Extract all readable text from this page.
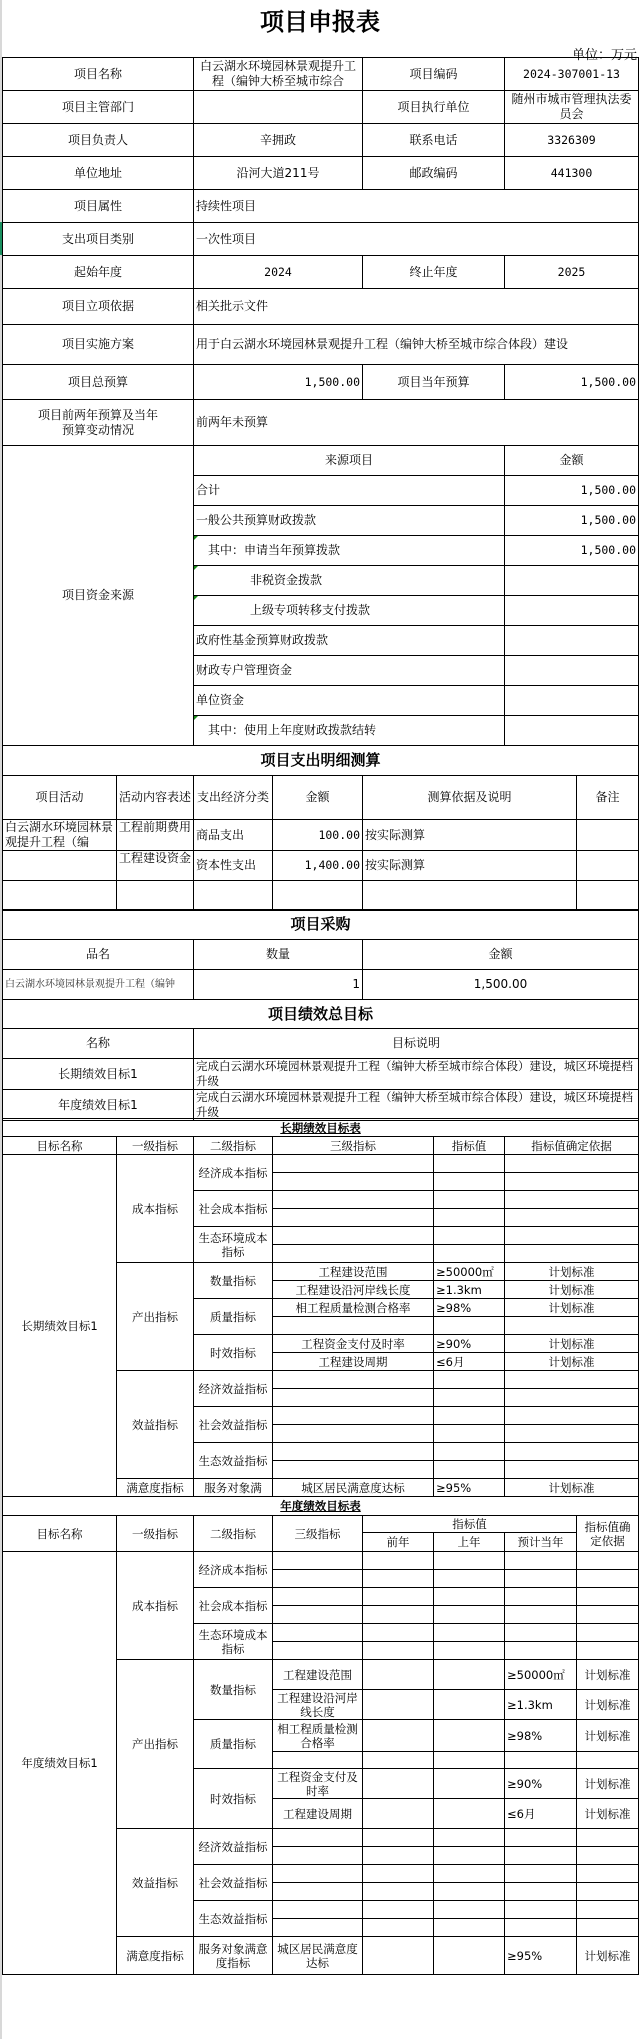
项目申报表
单位：万元
项目名称	白云湖水环境园林景观提升工程（编钟大桥至城市综合	项目编码	2024-307001-13
项目主管部门		项目执行单位	随州市城市管理执法委员会
项目负责人	辛拥政	联系电话	3326309
单位地址	沿河大道211号	邮政编码	441300
项目属性	持续性项目		
支出项目类别	一次性项目		
起始年度	2024	终止年度	2025
项目立项依据	相关批示文件		
项目实施方案	用于白云湖水环境园林景观提升工程（编钟大桥至城市综合体段）建设		
项目总预算	1,500.00	项目当年预算	1,500.00
项目前两年预算及当年预算变动情况	前两年未预算		
项目资金来源	来源项目	金额
	合计	1,500.00
	一般公共预算财政拨款	1,500.00
	其中：申请当年预算拨款	1,500.00
	非税资金拨款	
	上级专项转移支付拨款	
	政府性基金预算财政拨款	
	财政专户管理资金	
	单位资金	
	其中：使用上年度财政拨款结转	
项目支出明细测算					
项目活动	活动内容表述	支出经济分类	金额	测算依据及说明	备注

白云湖水环境园林景观提升工程（编	工程前期费用	商品支出	100.00	按实际测算	

	工程建设资金	资本性支出	1,400.00	按实际测算	

项目采购		
品名	数量	金额
白云湖水环境园林景观提升工程（编钟	1	1,500.00
项目绩效总目标	
名称	目标说明
长期绩效目标1	完成白云湖水环境园林景观提升工程（编钟大桥至城市综合体段）建设，城区环境提档升级

年度绩效目标1	完成白云湖水环境园林景观提升工程（编钟大桥至城市综合体段）建设，城区环境提档升级
长期绩效目标表					
目标名称	一级指标	二级指标	三级指标	指标值	指标值确定依据
长期绩效目标1	成本指标	经济成本指标			

		社会成本指标			

		生态环境成本指标			

	产出指标	数量指标	工程建设范围	≥50000㎡	计划标准
			工程建设沿河岸线长度	≥1.3km	计划标准
		质量指标	相工程质量检测合格率	≥98%	计划标准

		时效指标	工程资金支付及时率	≥90%	计划标准
			工程建设周期	≤6月	计划标准
	效益指标	经济效益指标			

		社会效益指标			

		生态效益指标			

	满意度指标	服务对象满	城区居民满意度达标	≥95%	计划标准
年度绩效目标表							
目标名称	一级指标	二级指标	三级指标	指标值			指标值确定依据
				前年	上年	预计当年	
年度绩效目标1	成本指标	经济成本指标					

		社会成本指标					

		生态环境成本指标					

	产出指标	数量指标	工程建设范围			≥50000㎡	计划标准
			工程建设沿河岸线长度			≥1.3km	计划标准
		质量指标	相工程质量检测合格率			≥98%	计划标准

		时效指标	工程资金支付及时率			≥90%	计划标准
			工程建设周期			≤6月	计划标准
	效益指标	经济效益指标					

		社会效益指标					

		生态效益指标					

	满意度指标	服务对象满意度指标	城区居民满意度达标			≥95%	计划标准
